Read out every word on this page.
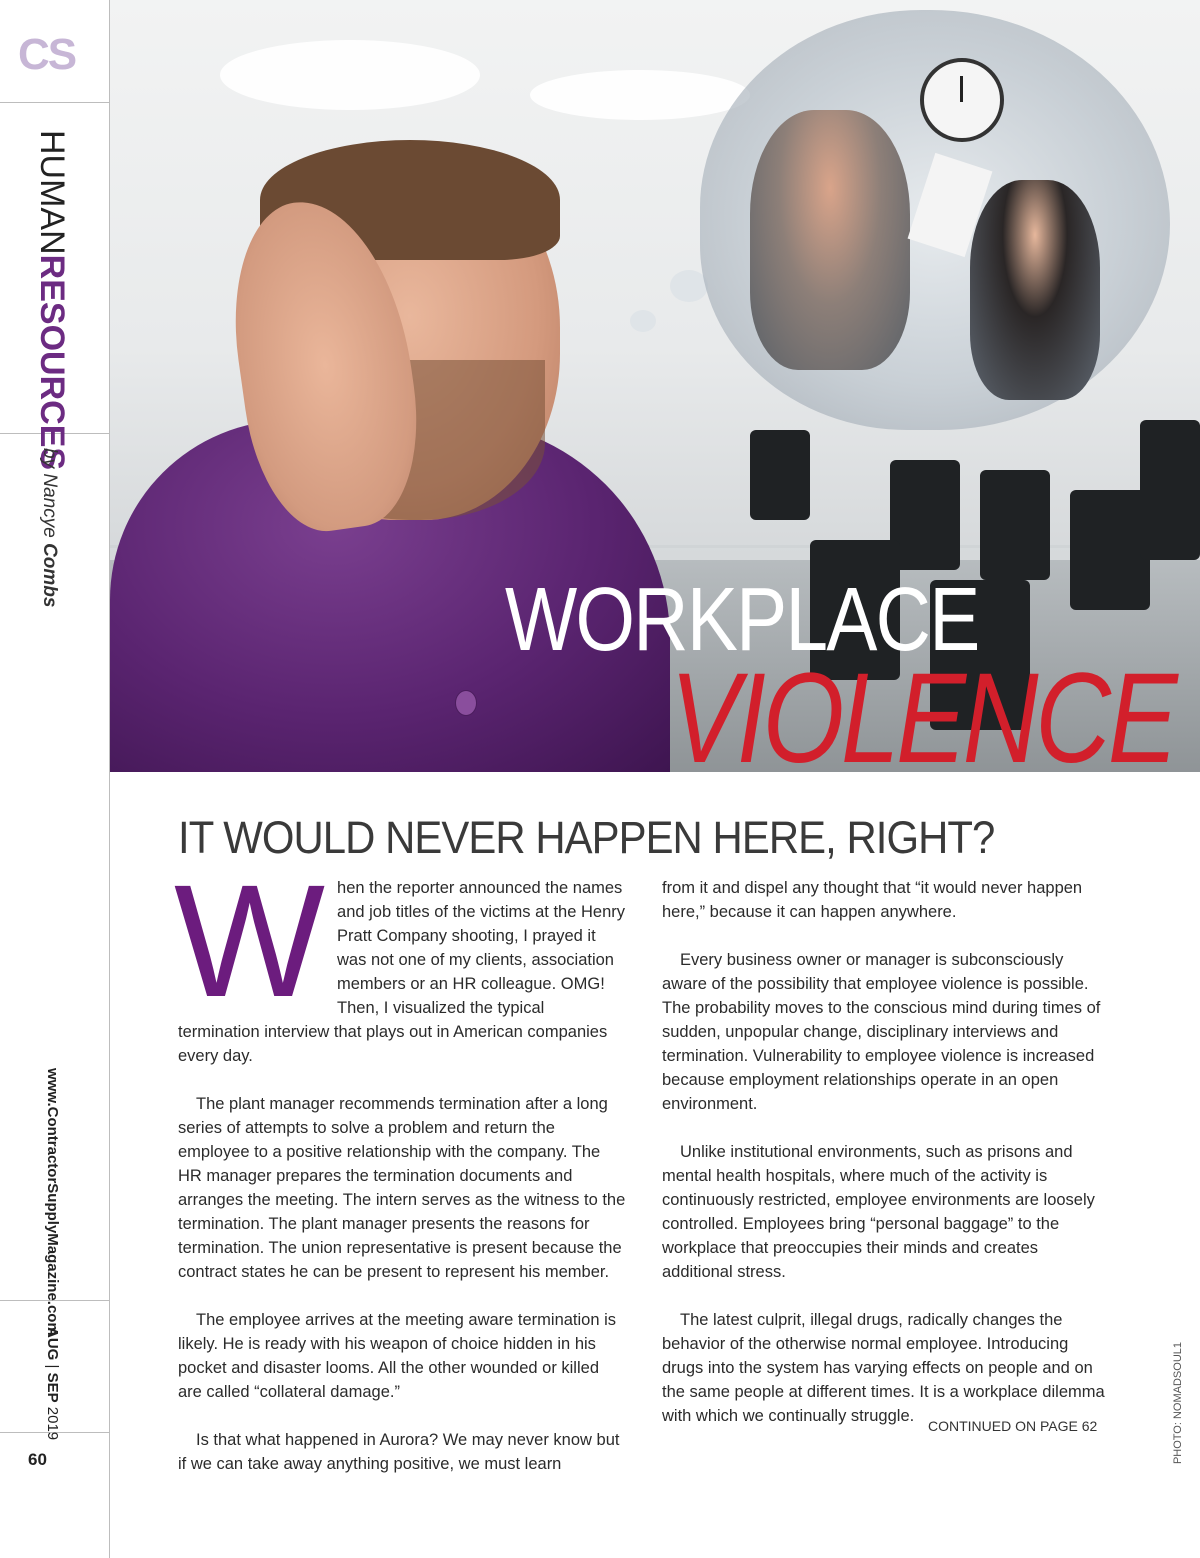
CS
HUMANRESOURCES
by Nancye Combs
www.ContractorSupplyMagazine.com
AUG | SEP 2019
60
WORKPLACE
VIOLENCE
IT WOULD NEVER HAPPEN HERE, RIGHT?

When the reporter announced the names and job titles of the victims at the Henry Pratt Company shooting, I prayed it was not one of my clients, association members or an HR colleague. OMG! Then, I visualized the typical termination interview that plays out in American companies every day.

The plant manager recommends termination after a long series of attempts to solve a problem and return the employee to a positive relationship with the company. The HR manager prepares the termination documents and arranges the meeting. The intern serves as the witness to the termination. The plant manager presents the reasons for termination. The union representative is present because the contract states he can be present to represent his member.

The employee arrives at the meeting aware termination is likely. He is ready with his weapon of choice hidden in his pocket and disaster looms. All the other wounded or killed are called “collateral damage.”

Is that what happened in Aurora? We may never know but if we can take away anything positive, we must learn

from it and dispel any thought that “it would never happen here,” because it can happen anywhere.

Every business owner or manager is subconsciously aware of the possibility that employee violence is possible. The probability moves to the conscious mind during times of sudden, unpopular change, disciplinary interviews and termination. Vulnerability to employee violence is increased because employment relationships operate in an open environment.

Unlike institutional environments, such as prisons and mental health hospitals, where much of the activity is continuously restricted, employee environments are loosely controlled. Employees bring “personal baggage” to the workplace that preoccupies their minds and creates additional stress.

The latest culprit, illegal drugs, radically changes the behavior of the otherwise normal employee. Introducing drugs into the system has varying effects on people and on the same people at different times. It is a workplace dilemma with which we continually struggle.

CONTINUED ON PAGE 62	PHOTO: NOMADSOUL1
